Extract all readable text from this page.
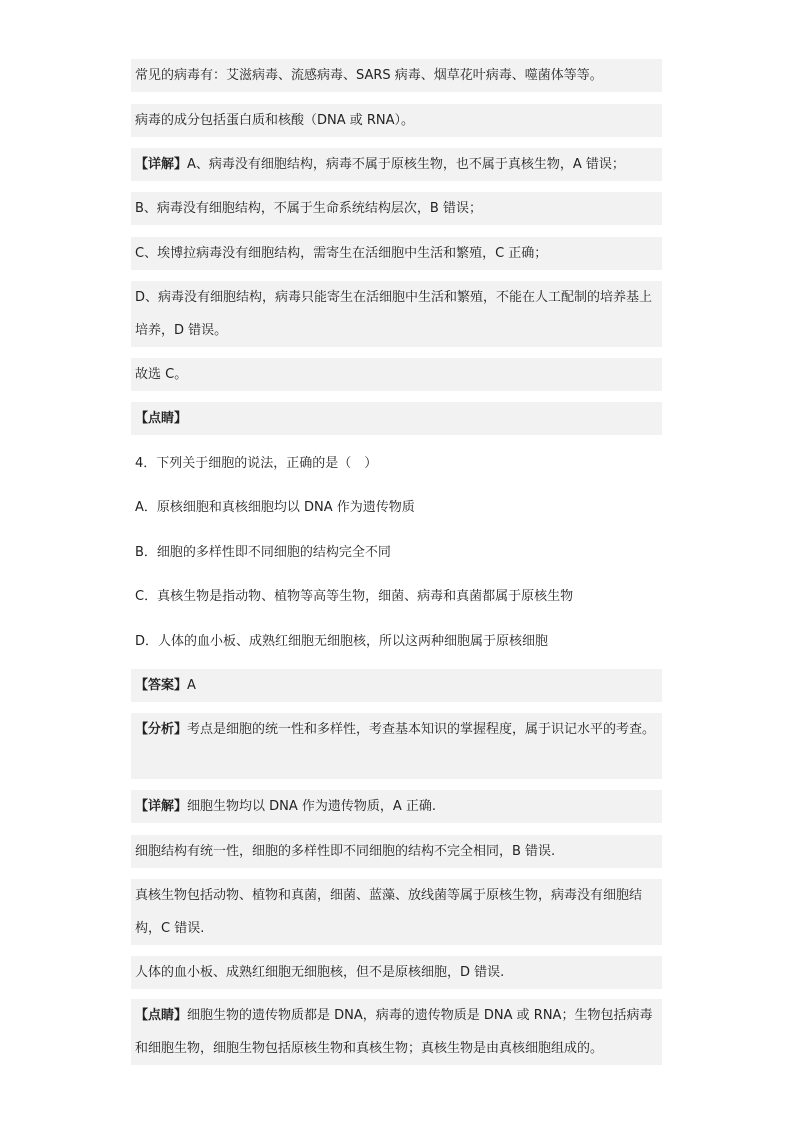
常见的病毒有：艾滋病毒、流感病毒、SARS 病毒、烟草花叶病毒、噬菌体等等。
病毒的成分包括蛋白质和核酸（DNA 或 RNA）。
【详解】A、病毒没有细胞结构，病毒不属于原核生物，也不属于真核生物，A 错误；
B、病毒没有细胞结构，不属于生命系统结构层次，B 错误；
C、埃博拉病毒没有细胞结构，需寄生在活细胞中生活和繁殖，C 正确；
D、病毒没有细胞结构，病毒只能寄生在活细胞中生活和繁殖，不能在人工配制的培养基上培养，D 错误。
故选 C。
【点睛】
4．下列关于细胞的说法，正确的是（　）
A．原核细胞和真核细胞均以 DNA 作为遗传物质
B．细胞的多样性即不同细胞的结构完全不同
C．真核生物是指动物、植物等高等生物，细菌、病毒和真菌都属于原核生物
D．人体的血小板、成熟红细胞无细胞核，所以这两种细胞属于原核细胞
【答案】A
【分析】考点是细胞的统一性和多样性，考查基本知识的掌握程度，属于识记水平的考查。
【详解】细胞生物均以 DNA 作为遗传物质，A 正确.
细胞结构有统一性，细胞的多样性即不同细胞的结构不完全相同，B 错误.
真核生物包括动物、植物和真菌，细菌、蓝藻、放线菌等属于原核生物，病毒没有细胞结构，C 错误.
人体的血小板、成熟红细胞无细胞核，但不是原核细胞，D 错误.
【点睛】细胞生物的遗传物质都是 DNA，病毒的遗传物质是 DNA 或 RNA；生物包括病毒和细胞生物，细胞生物包括原核生物和真核生物；真核生物是由真核细胞组成的。
